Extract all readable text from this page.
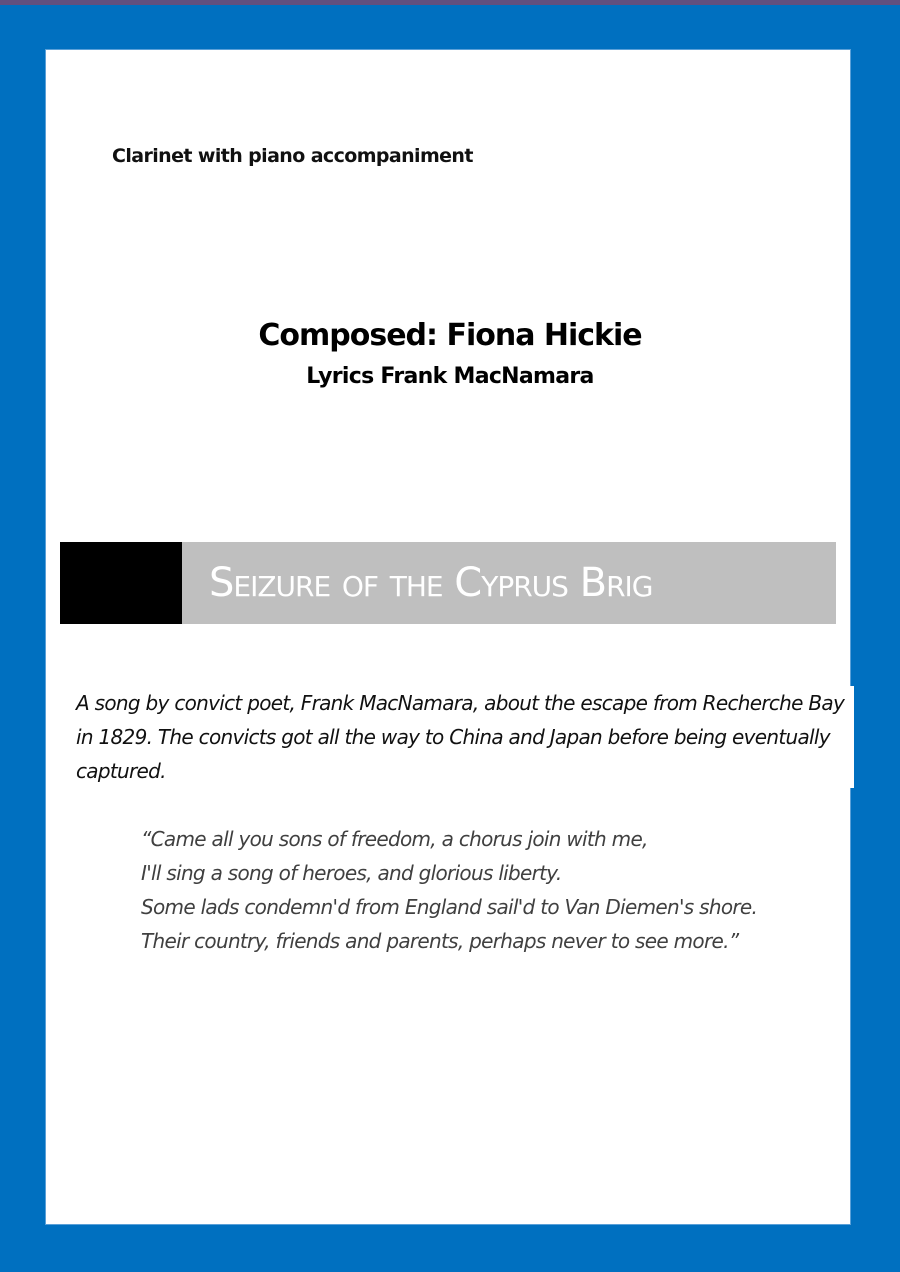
Clarinet with piano accompaniment
Composed: Fiona Hickie
Lyrics Frank MacNamara
Seizure of the Cyprus Brig
A song by convict poet, Frank MacNamara, about the escape from Recherche Bay in 1829. The convicts got all the way to China and Japan before being eventually captured.
“Came all you sons of freedom, a chorus join with me,
I'll sing a song of heroes, and glorious liberty.
Some lads condemn'd from England sail'd to Van Diemen's shore.
Their country, friends and parents, perhaps never to see more.”
